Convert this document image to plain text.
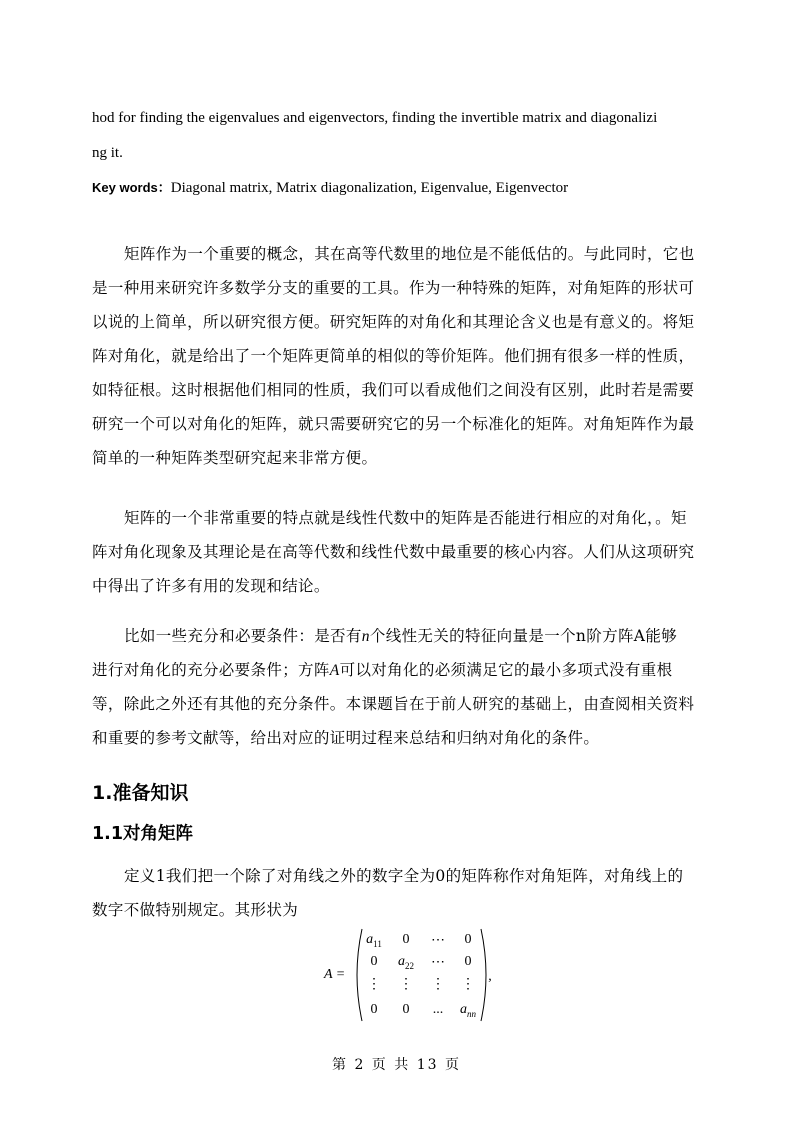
hod for finding the eigenvalues and eigenvectors, finding the invertible matrix and diagonalizi
ng it.
Key words：Diagonal matrix, Matrix diagonalization, Eigenvalue, Eigenvector
矩阵作为一个重要的概念，其在高等代数里的地位是不能低估的。与此同时，它也
是一种用来研究许多数学分支的重要的工具。作为一种特殊的矩阵，对角矩阵的形状可
以说的上简单，所以研究很方便。研究矩阵的对角化和其理论含义也是有意义的。将矩
阵对角化，就是给出了一个矩阵更简单的相似的等价矩阵。他们拥有很多一样的性质，
如特征根。这时根据他们相同的性质，我们可以看成他们之间没有区别，此时若是需要
研究一个可以对角化的矩阵，就只需要研究它的另一个标准化的矩阵。对角矩阵作为最
简单的一种矩阵类型研究起来非常方便。
矩阵的一个非常重要的特点就是线性代数中的矩阵是否能进行相应的对角化，。矩
阵对角化现象及其理论是在高等代数和线性代数中最重要的核心内容。人们从这项研究
中得出了许多有用的发现和结论。
比如一些充分和必要条件：是否有n个线性无关的特征向量是一个n阶方阵A能够
进行对角化的充分必要条件；方阵A可以对角化的必须满足它的最小多项式没有重根
等，除此之外还有其他的充分条件。本课题旨在于前人研究的基础上，由查阅相关资料
和重要的参考文献等，给出对应的证明过程来总结和归纳对角化的条件。
1.准备知识
1.1对角矩阵
定义1我们把一个除了对角线之外的数字全为0的矩阵称作对角矩阵，对角线上的
数字不做特别规定。其形状为
A =
$a_{11}$	0	⋯	0
0	$a_{22}$	⋯	0
⋮	⋮	⋮	⋮
0	0	...	$a_{nn}$
,
第 2 页 共 13 页
